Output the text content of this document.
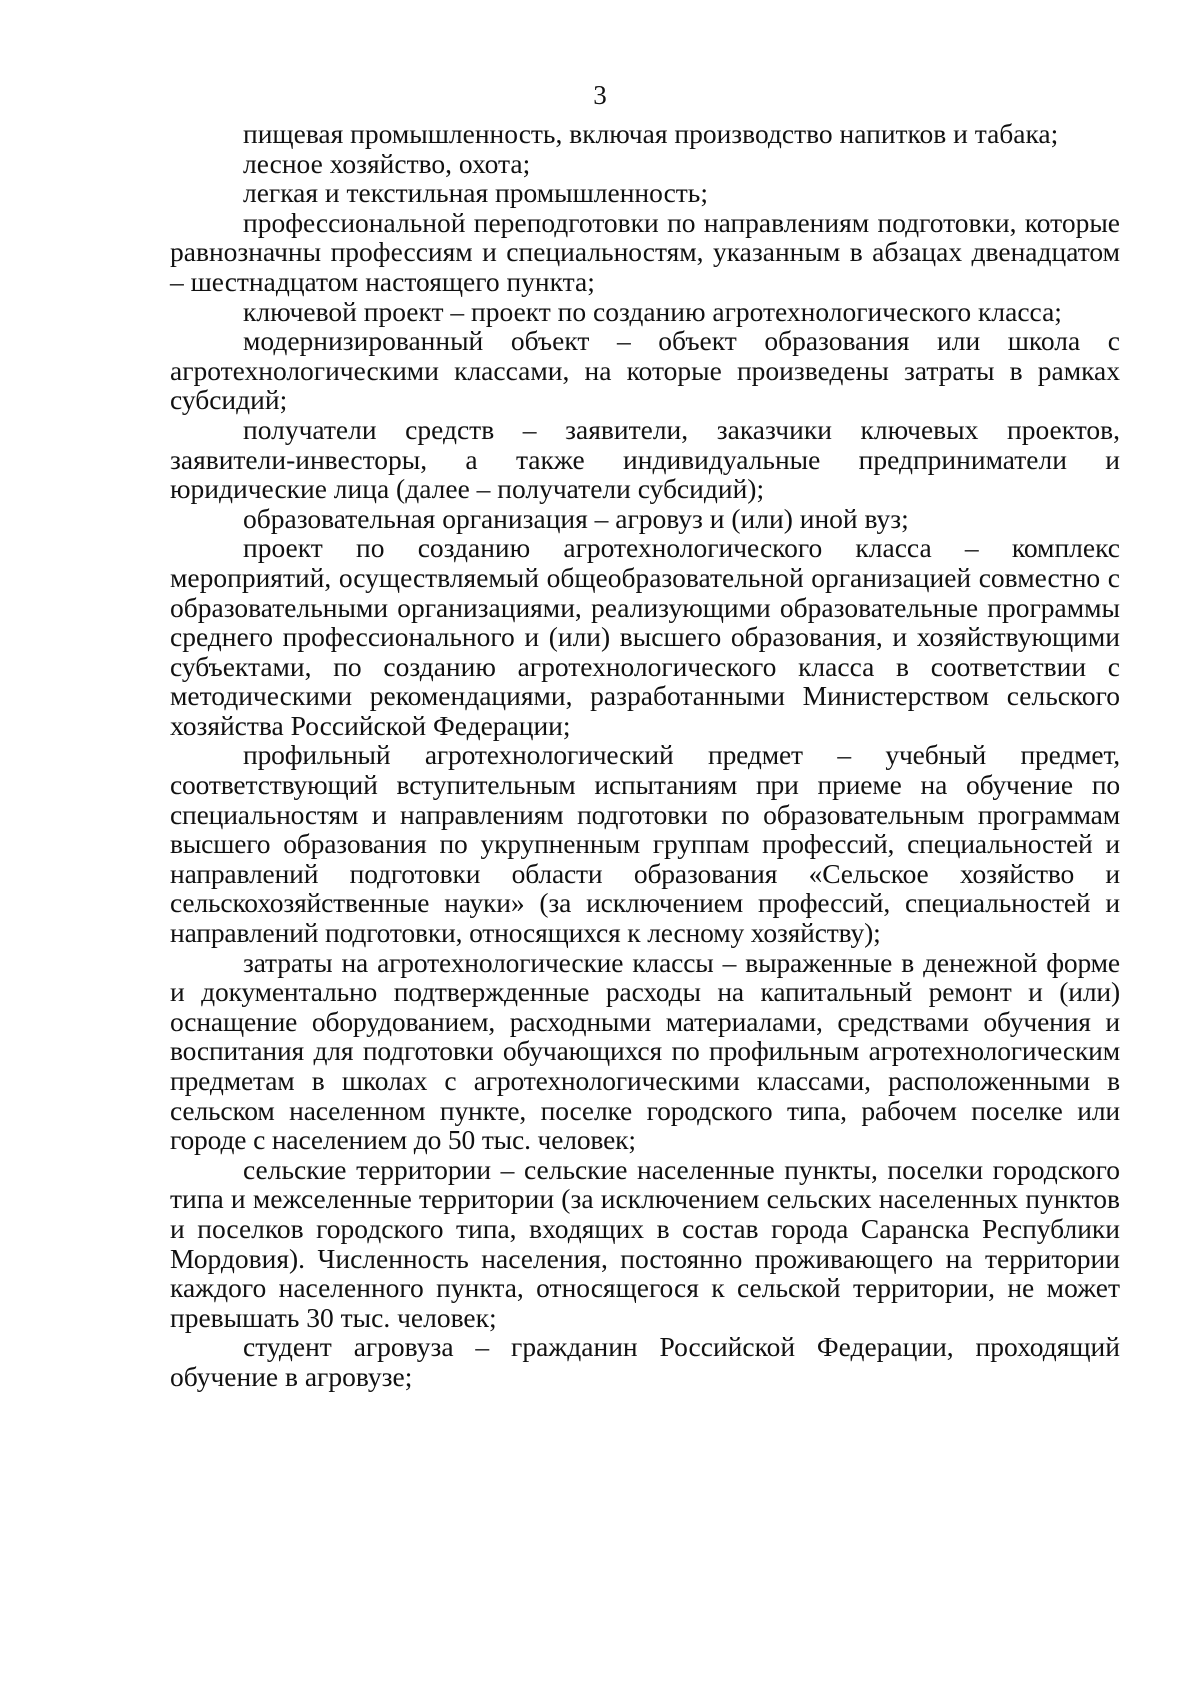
3

пищевая промышленность, включая производство напитков и табака;

лесное хозяйство, охота;

легкая и текстильная промышленность;

профессиональной переподготовки по направлениям подготовки, которые равнозначны профессиям и специальностям, указанным в абзацах двенадцатом – шестнадцатом настоящего пункта;

ключевой проект – проект по созданию агротехнологического класса;

модернизированный объект – объект образования или школа с агротехнологическими классами, на которые произведены затраты в рамках субсидий;

получатели средств – заявители, заказчики ключевых проектов, заявители-инвесторы, а также индивидуальные предприниматели и юридические лица (далее – получатели субсидий);

образовательная организация – агровуз и (или) иной вуз;

проект по созданию агротехнологического класса – комплекс мероприятий, осуществляемый общеобразовательной организацией совместно с образовательными организациями, реализующими образовательные программы среднего профессионального и (или) высшего образования, и хозяйствующими субъектами, по созданию агротехнологического класса в соответствии с методическими рекомендациями, разработанными Министерством сельского хозяйства Российской Федерации;

профильный агротехнологический предмет – учебный предмет, соответствующий вступительным испытаниям при приеме на обучение по специальностям и направлениям подготовки по образовательным программам высшего образования по укрупненным группам профессий, специальностей и направлений подготовки области образования «Сельское хозяйство и сельскохозяйственные науки» (за исключением профессий, специальностей и направлений подготовки, относящихся к лесному хозяйству);

затраты на агротехнологические классы – выраженные в денежной форме и документально подтвержденные расходы на капитальный ремонт и (или) оснащение оборудованием, расходными материалами, средствами обучения и воспитания для подготовки обучающихся по профильным агротехнологическим предметам в школах с агротехнологическими классами, расположенными в сельском населенном пункте, поселке городского типа, рабочем поселке или городе с населением до 50 тыс. человек;

сельские территории – сельские населенные пункты, поселки городского типа и межселенные территории (за исключением сельских населенных пунктов и поселков городского типа, входящих в состав города Саранска Республики Мордовия). Численность населения, постоянно проживающего на территории каждого населенного пункта, относящегося к сельской территории, не может превышать 30 тыс. человек;

студент агровуза – гражданин Российской Федерации, проходящий обучение в агровузе;
